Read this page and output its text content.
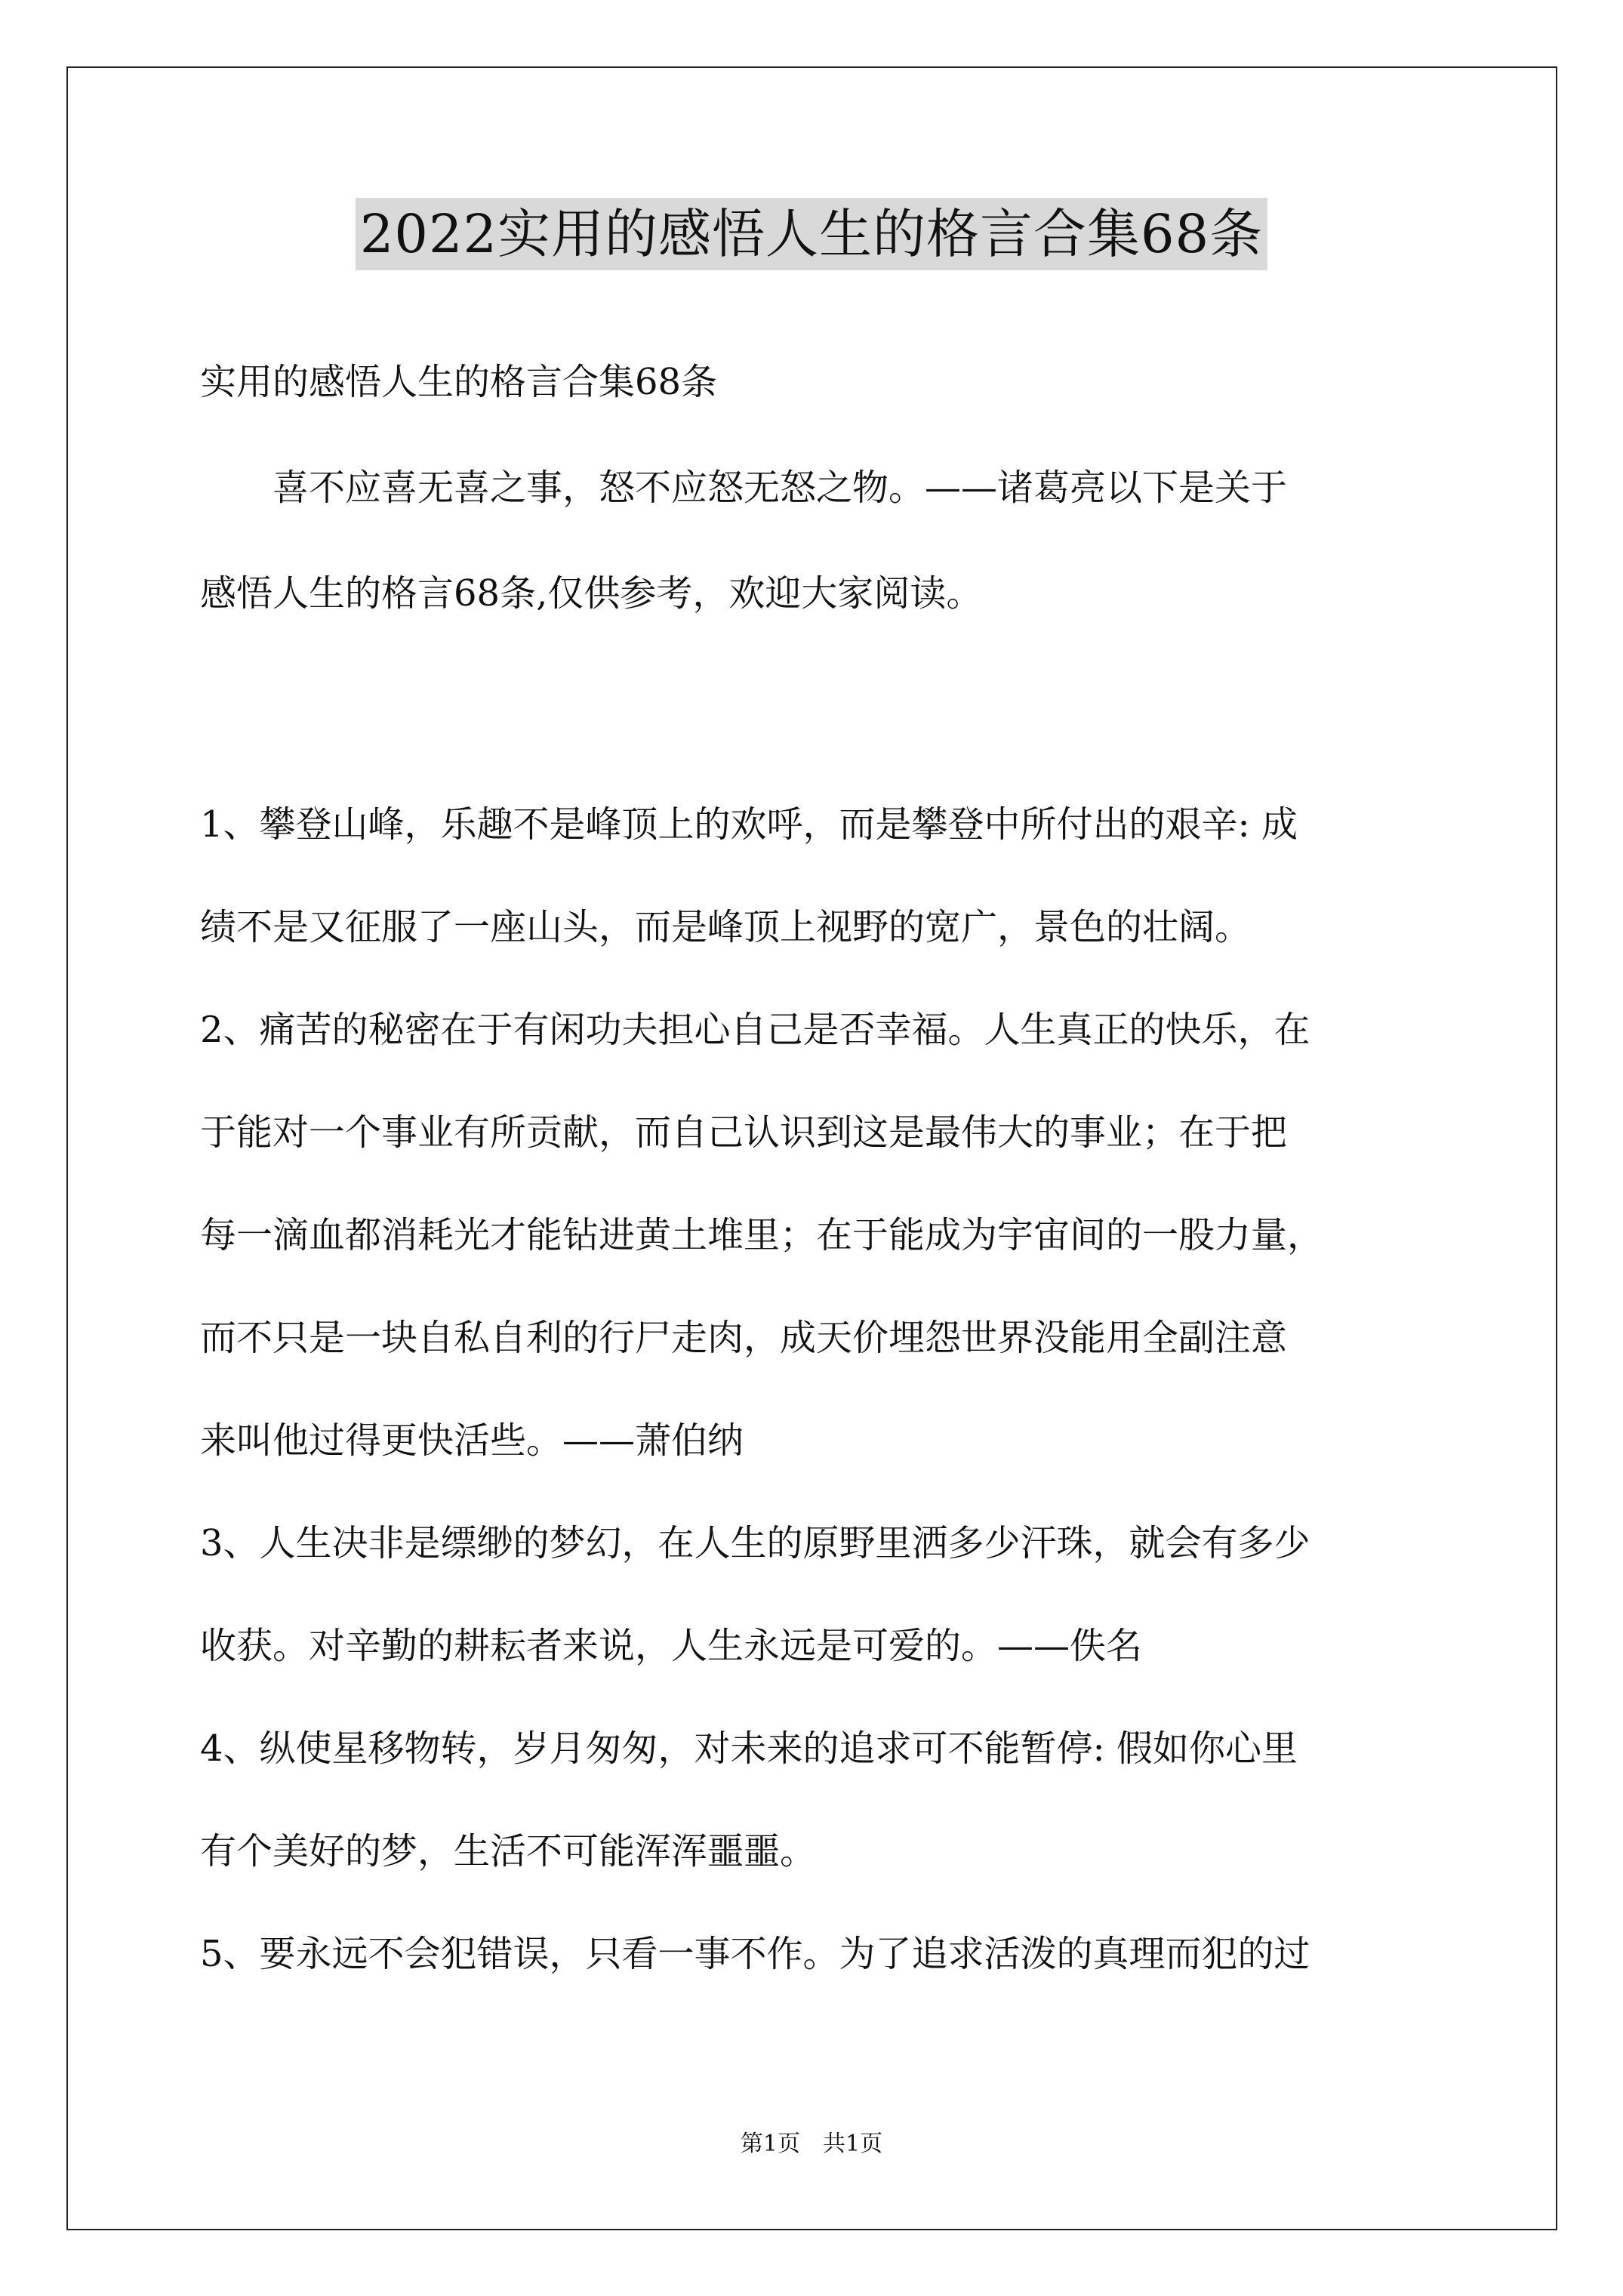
2022实用的感悟人生的格言合集68条
实用的感悟人生的格言合集68条
　　喜不应喜无喜之事，怒不应怒无怒之物。——诸葛亮以下是关于
感悟人生的格言68条,仅供参考，欢迎大家阅读。
1、攀登山峰，乐趣不是峰顶上的欢呼，而是攀登中所付出的艰辛: 成
绩不是又征服了一座山头，而是峰顶上视野的宽广，景色的壮阔。
2、痛苦的秘密在于有闲功夫担心自己是否幸福。人生真正的快乐，在
于能对一个事业有所贡献，而自己认识到这是最伟大的事业；在于把
每一滴血都消耗光才能钻进黄土堆里；在于能成为宇宙间的一股力量，
而不只是一块自私自利的行尸走肉，成天价埋怨世界没能用全副注意
来叫他过得更快活些。——萧伯纳
3、人生决非是缥缈的梦幻，在人生的原野里洒多少汗珠，就会有多少
收获。对辛勤的耕耘者来说，人生永远是可爱的。——佚名
4、纵使星移物转，岁月匆匆，对未来的追求可不能暂停: 假如你心里
有个美好的梦，生活不可能浑浑噩噩。
5、要永远不会犯错误，只看一事不作。为了追求活泼的真理而犯的过
第1页　共1页
